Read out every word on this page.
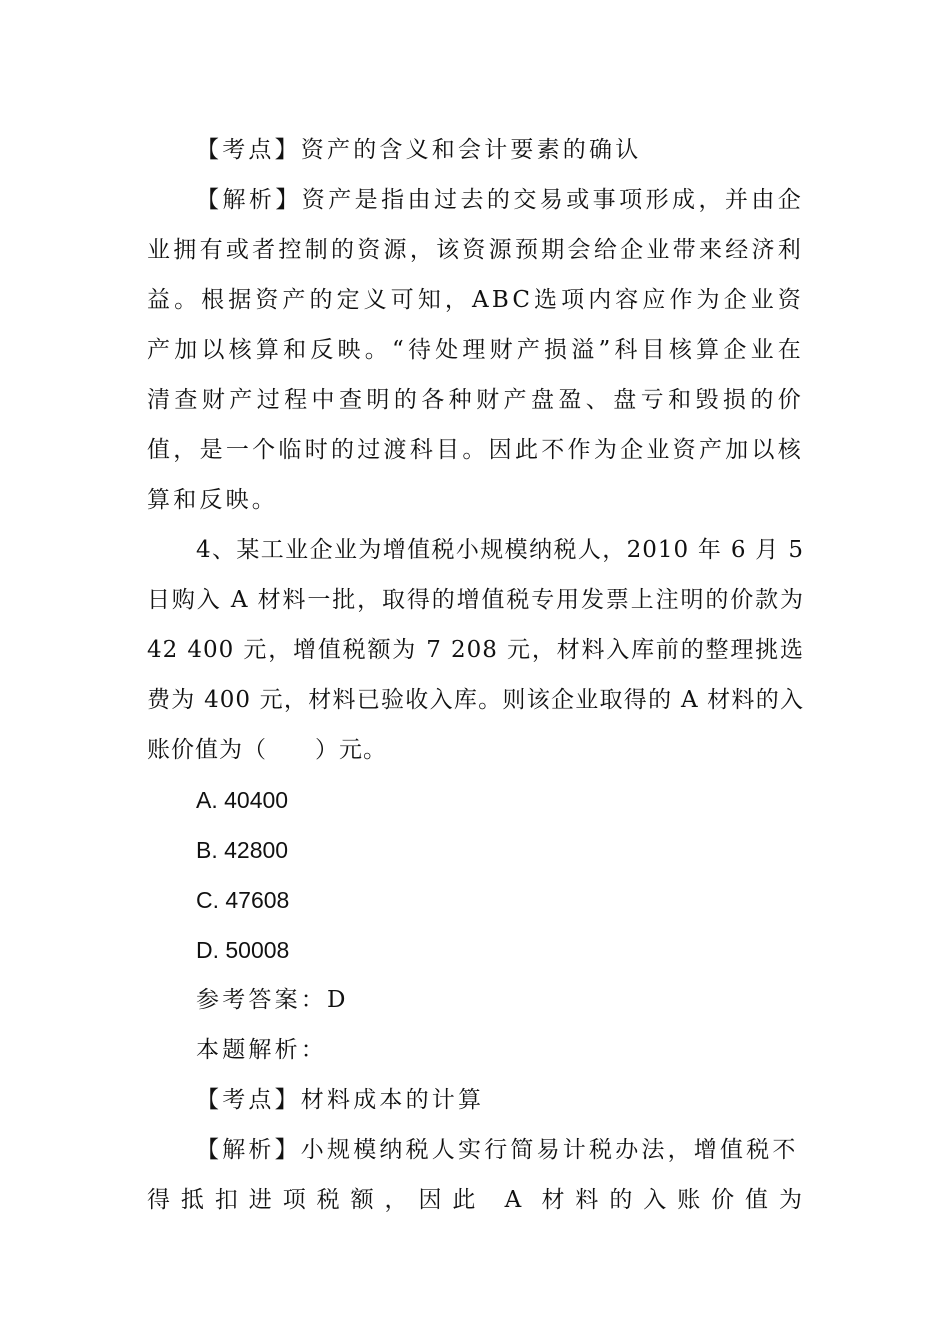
【考点】资产的含义和会计要素的确认

【解析】资产是指由过去的交易或事项形成，并由企业拥有或者控制的资源，该资源预期会给企业带来经济利益。根据资产的定义可知，ABC选项内容应作为企业资产加以核算和反映。“待处理财产损溢”科目核算企业在清查财产过程中查明的各种财产盘盈、盘亏和毁损的价值，是一个临时的过渡科目。因此不作为企业资产加以核算和反映。

4、某工业企业为增值税小规模纳税人，2010 年 6 月 5 日购入 A 材料一批，取得的增值税专用发票上注明的价款为 42 400 元，增值税额为 7 208 元，材料入库前的整理挑选费为 400 元，材料已验收入库。则该企业取得的 A 材料的入账价值为（　　）元。

A. 40400

B. 42800

C. 47608

D. 50008

参考答案：D

本题解析：

【考点】材料成本的计算

【解析】小规模纳税人实行简易计税办法，增值税不

得抵扣进项税额，因此 A 材料的入账价值为
